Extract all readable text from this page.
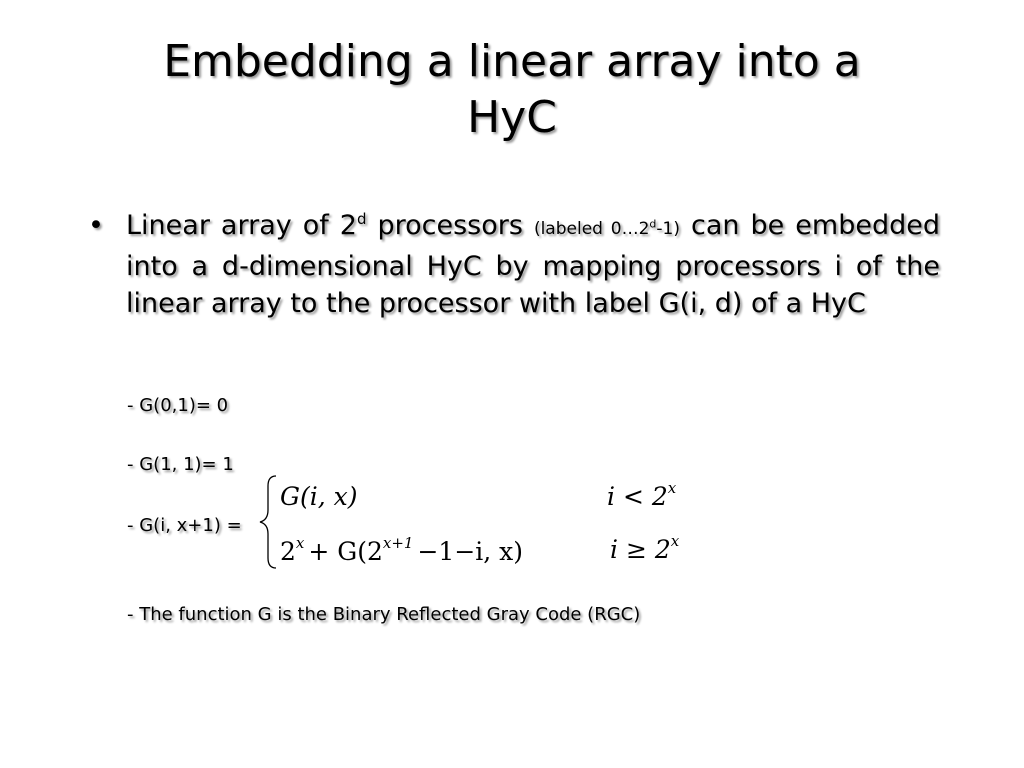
Embedding a linear array into a
HyC
• Linear array of 2$^d$ processors (labeled 0…2$^d$-1) can be embedded into a d-dimensional HyC by mapping processors i of the linear array to the processor with label G(i, d) of a HyC
- G(0,1)= 0
- G(1, 1)= 1
- G(i, x+1) =
- The function G is the Binary Reflected Gray Code (RGC)
G(i, x)	$i < 2^x$
$2^x + G(2^{x+1} -1-i$, x)	$i \ge 2^x$
